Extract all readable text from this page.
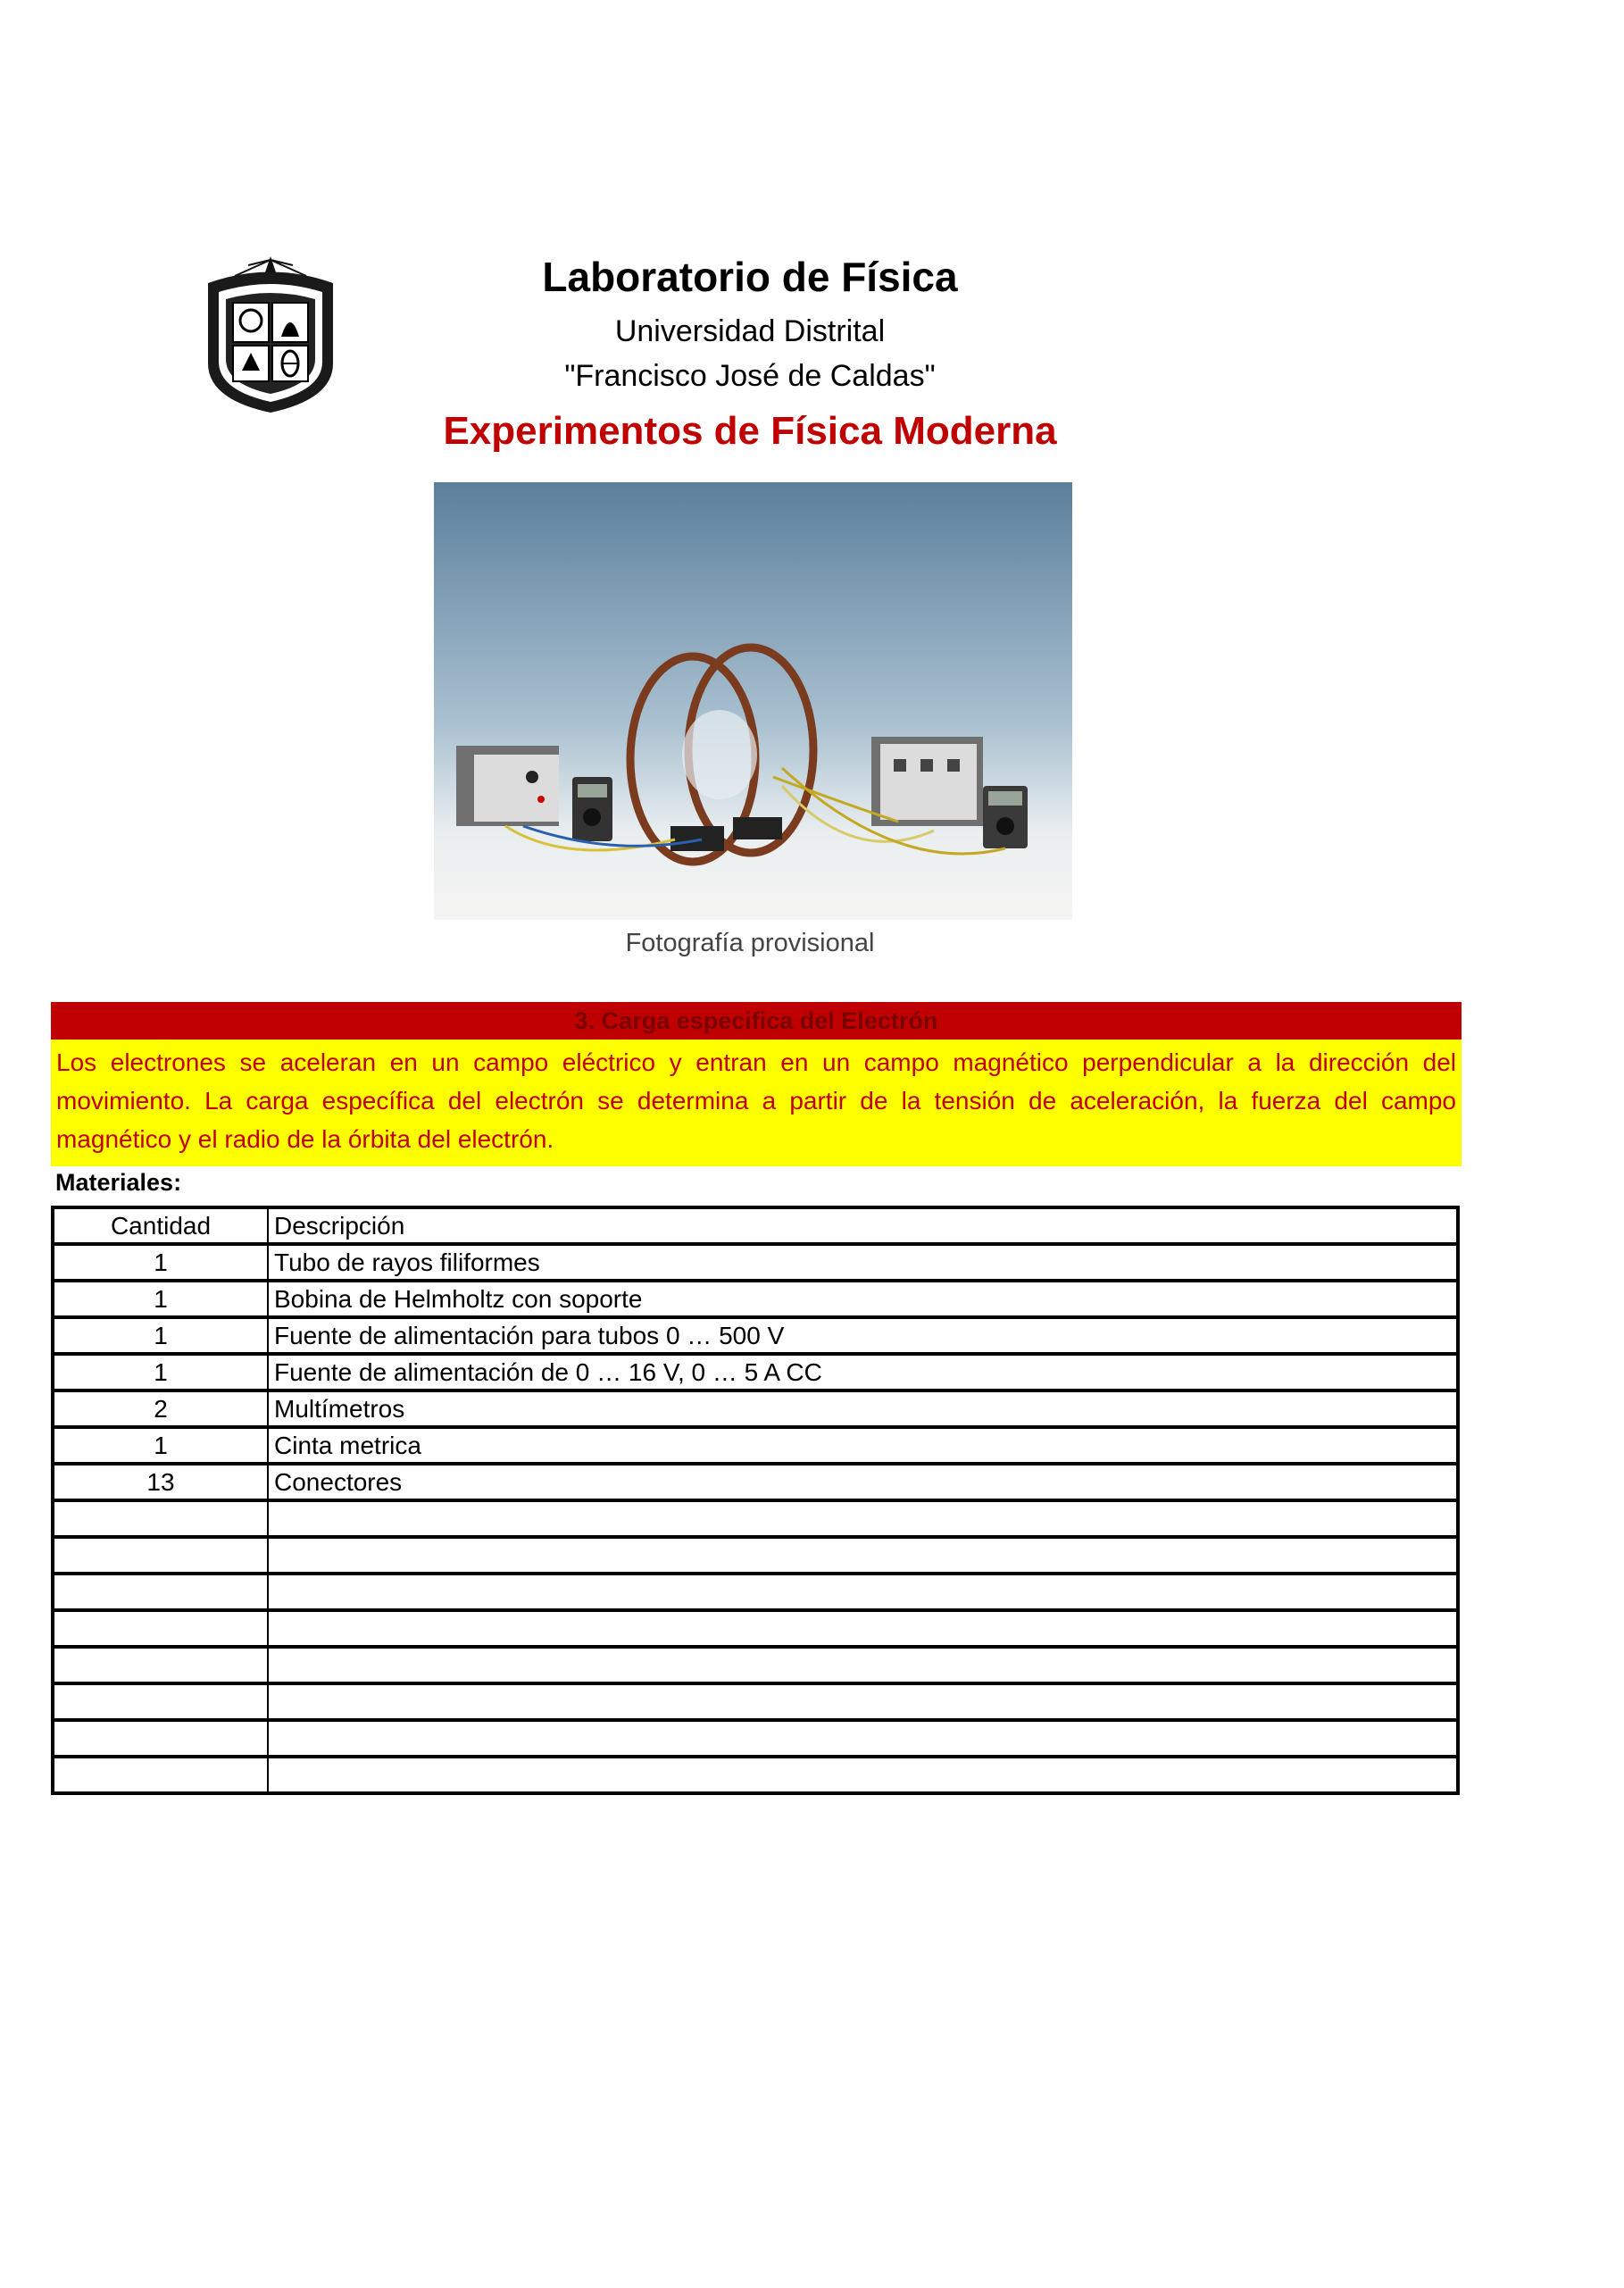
Laboratorio de Física
Universidad Distrital
"Francisco José de Caldas"
Experimentos de Física Moderna
Fotografía provisional
3. Carga especifica del Electrón
Los electrones se aceleran en un campo eléctrico y entran en un campo magnético perpendicular a la dirección del movimiento. La carga específica del electrón se determina a partir de la tensión de aceleración, la fuerza del campo magnético y el radio de la órbita del electrón.
Materiales:
Cantidad	Descripción
1	Tubo de rayos filiformes
1	Bobina de Helmholtz con soporte
1	Fuente de alimentación para tubos 0 … 500 V
1	Fuente de alimentación de 0 … 16 V, 0 … 5 A CC
2	Multímetros
1	Cinta metrica
13	Conectores
